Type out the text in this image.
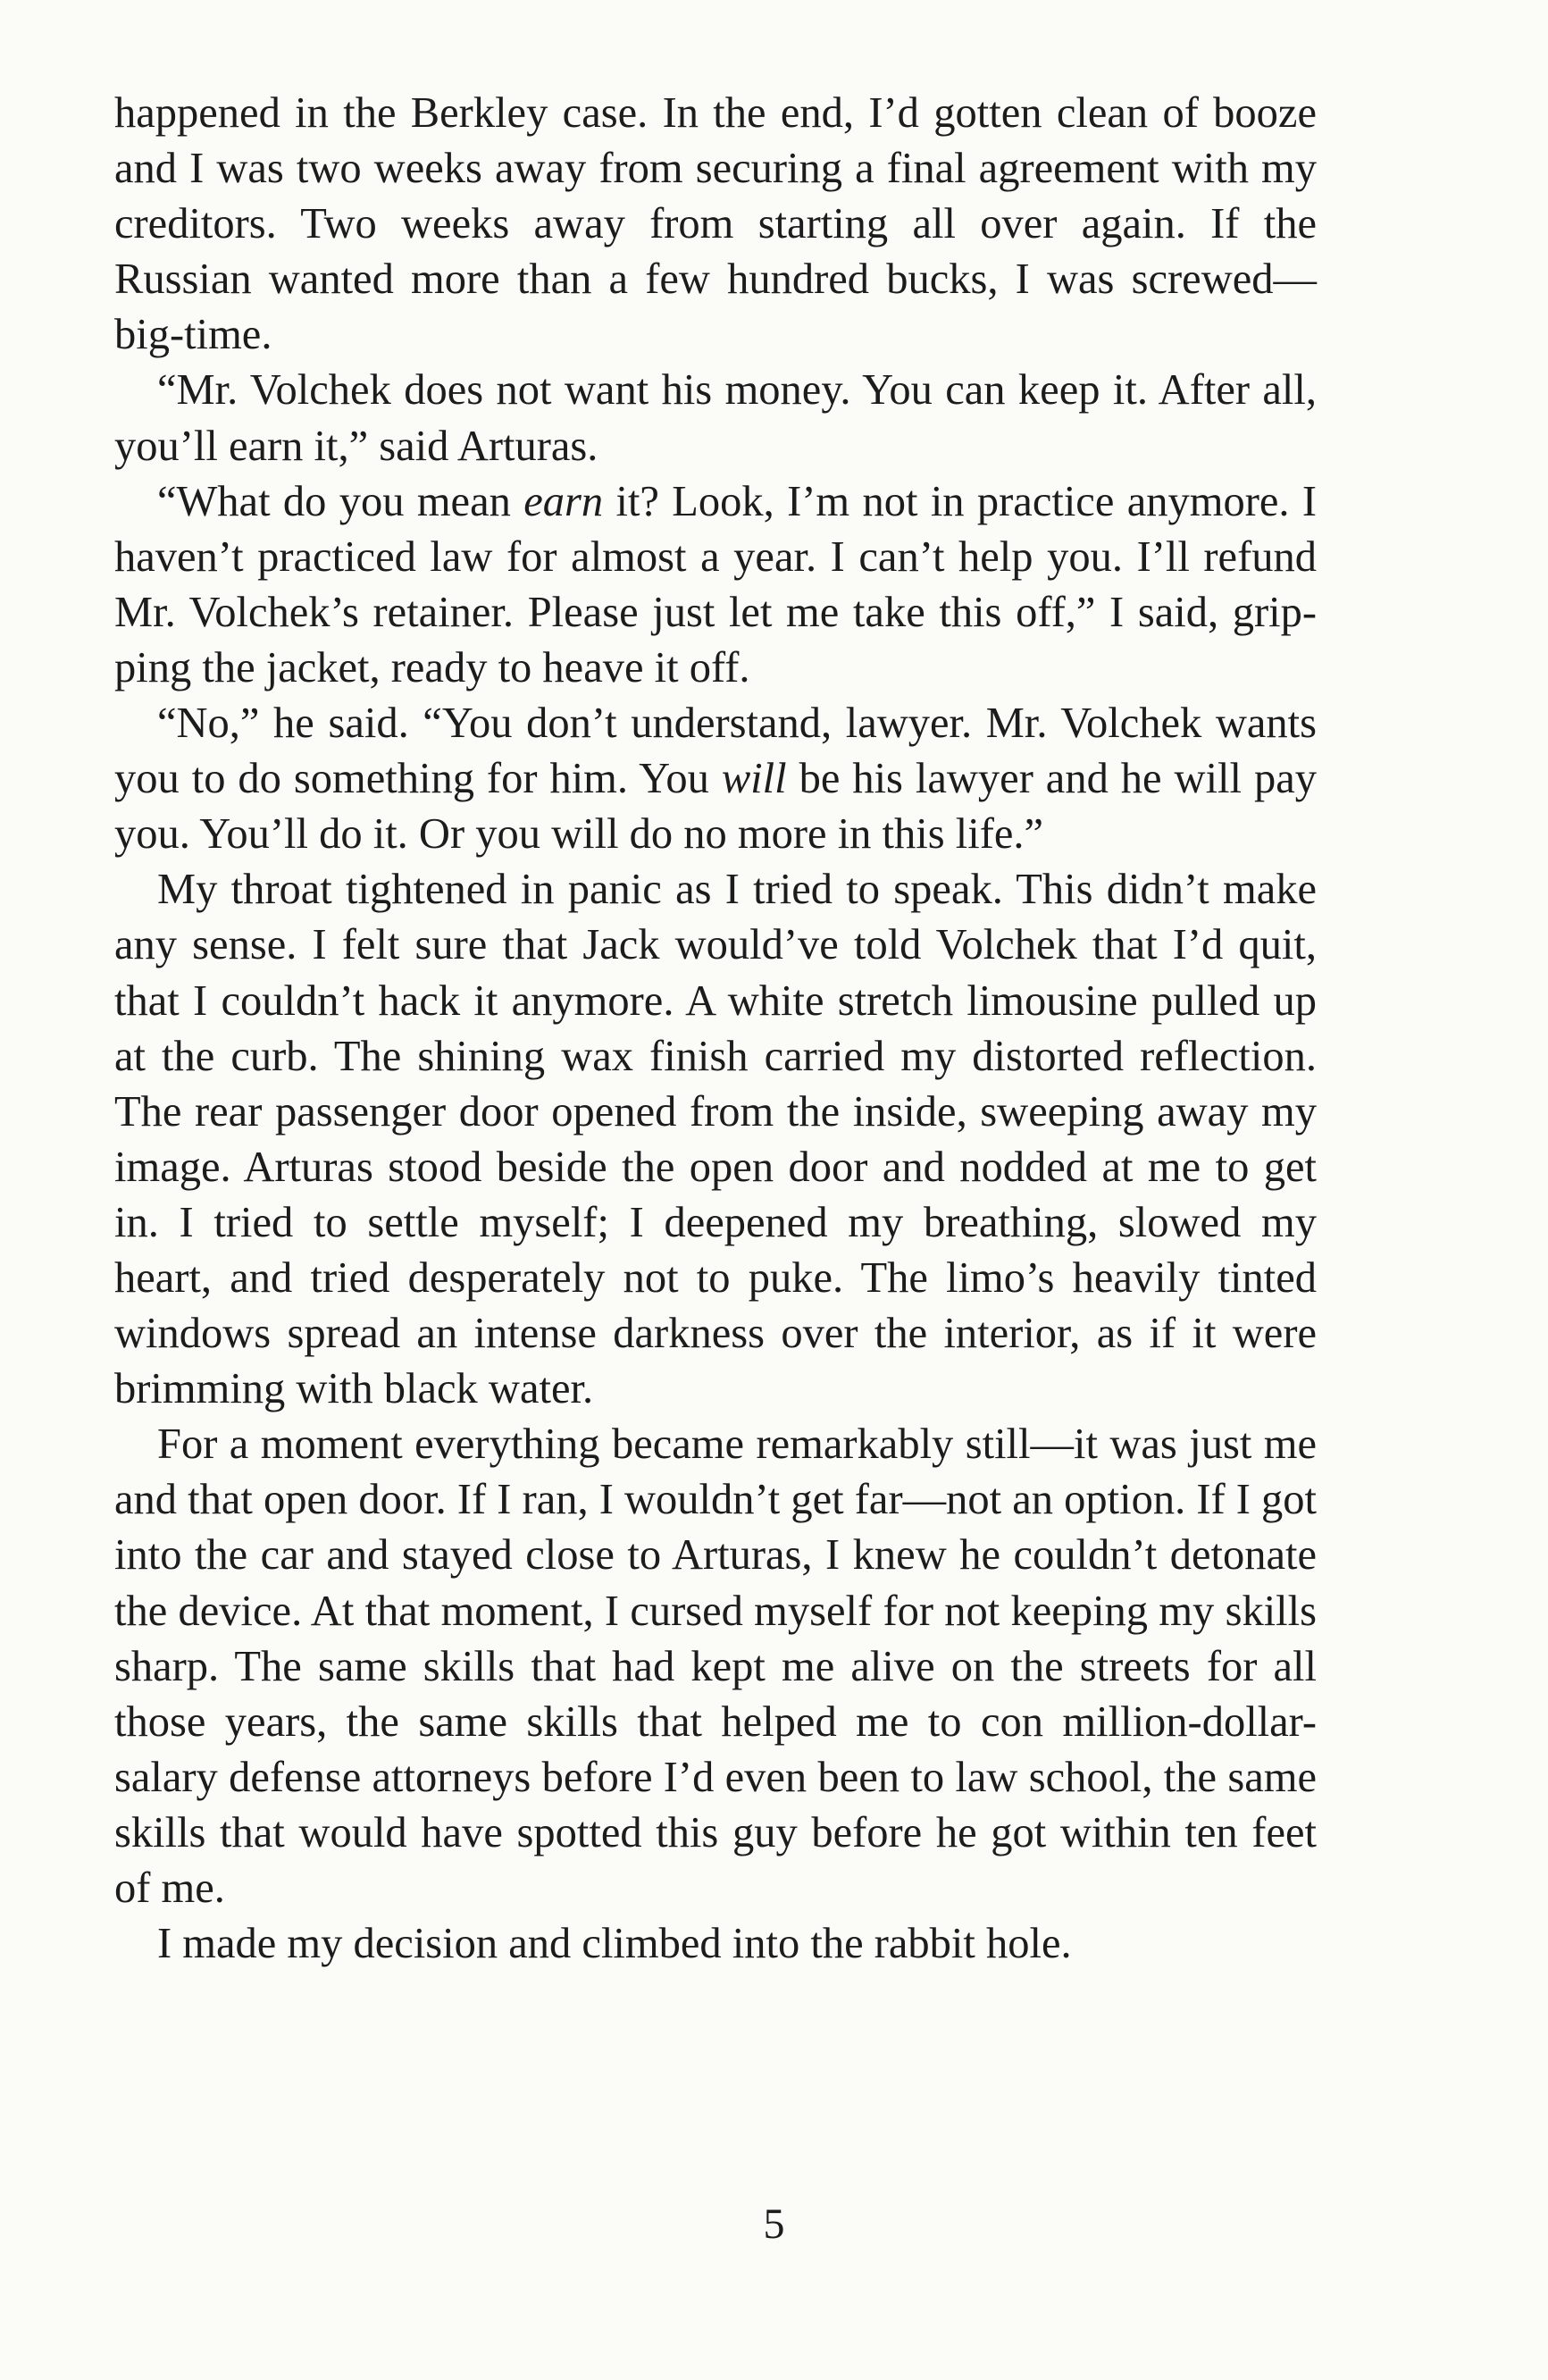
happened in the Berkley case. In the end, I’d gotten clean of booze and I was two weeks away from securing a final agreement with my creditors. Two weeks away from starting all over again. If the Russian wanted more than a few hundred bucks, I was screwed—big-time.

“Mr. Volchek does not want his money. You can keep it. After all, you’ll earn it,” said Arturas.

“What do you mean earn it? Look, I’m not in practice anymore. I haven’t practiced law for almost a year. I can’t help you. I’ll refund Mr. Volchek’s retainer. Please just let me take this off,” I said, gripping the jacket, ready to heave it off.

“No,” he said. “You don’t understand, lawyer. Mr. Volchek wants you to do something for him. You will be his lawyer and he will pay you. You’ll do it. Or you will do no more in this life.”

My throat tightened in panic as I tried to speak. This didn’t make any sense. I felt sure that Jack would’ve told Volchek that I’d quit, that I couldn’t hack it anymore. A white stretch limousine pulled up at the curb. The shining wax finish carried my distorted reflection. The rear passenger door opened from the inside, sweeping away my image. Arturas stood beside the open door and nodded at me to get in. I tried to settle myself; I deepened my breathing, slowed my heart, and tried desperately not to puke. The limo’s heavily tinted windows spread an intense darkness over the interior, as if it were brimming with black water.

For a moment everything became remarkably still—it was just me and that open door. If I ran, I wouldn’t get far—not an option. If I got into the car and stayed close to Arturas, I knew he couldn’t detonate the device. At that moment, I cursed myself for not keeping my skills sharp. The same skills that had kept me alive on the streets for all those years, the same skills that helped me to con million-dollar-salary defense attorneys before I’d even been to law school, the same skills that would have spotted this guy before he got within ten feet of me.

I made my decision and climbed into the rabbit hole.

5
